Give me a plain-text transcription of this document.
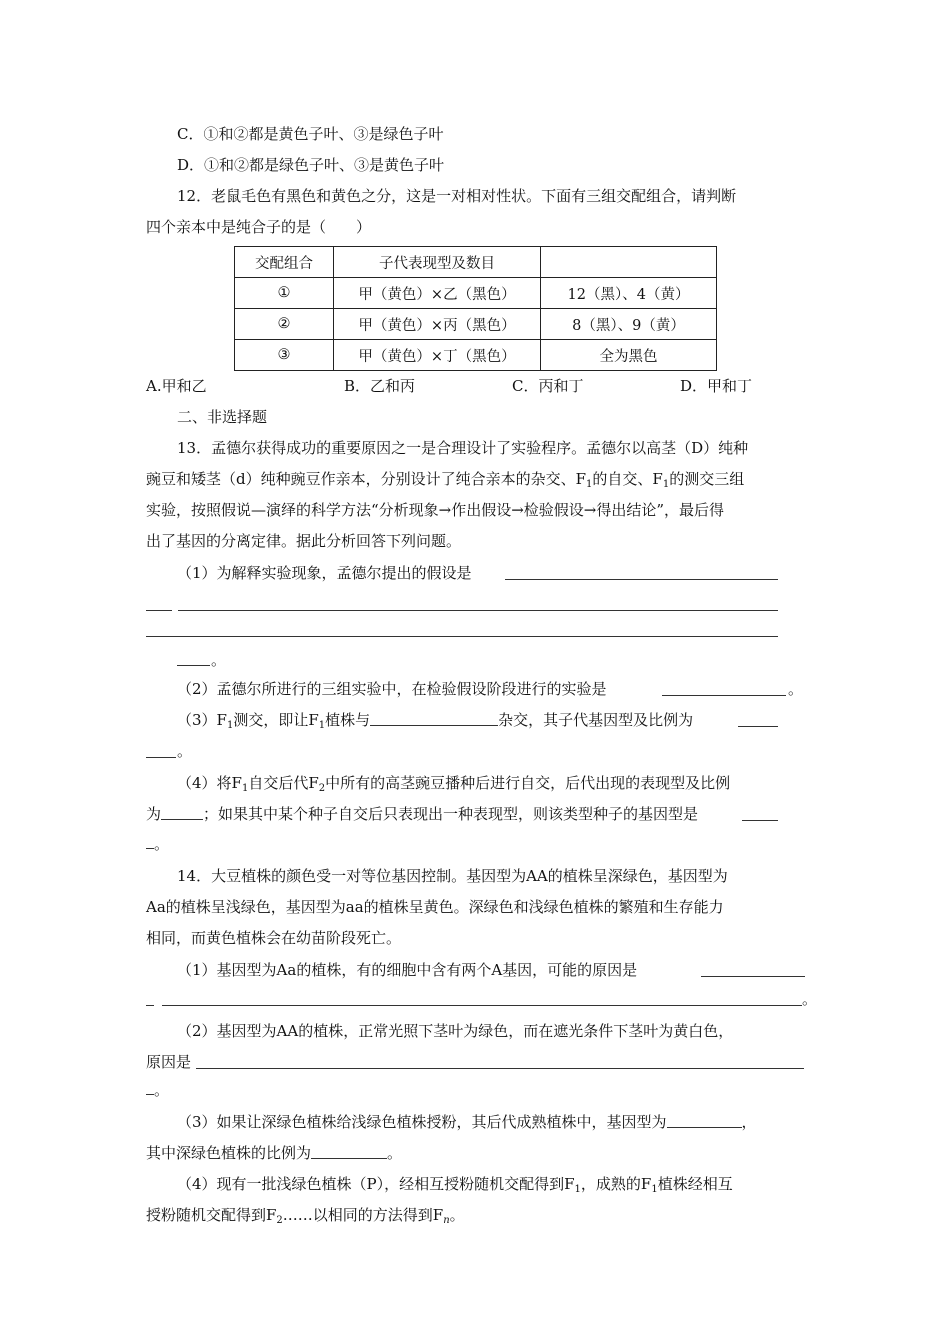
C．①和②都是黄色子叶、③是绿色子叶

D．①和②都是绿色子叶、③是黄色子叶

12．老鼠毛色有黑色和黄色之分，这是一对相对性状。下面有三组交配组合，请判断

四个亲本中是纯合子的是（　　）

交配组合	子代表现型及数目	
①	甲（黄色）×乙（黑色）	12（黑）、4（黄）
②	甲（黄色）×丙（黑色）	8（黑）、9（黄）
③	甲（黄色）×丁（黑色）	全为黑色
A.甲和乙	B．乙和丙	C．丙和丁	D．甲和丁

二、非选择题

13．孟德尔获得成功的重要原因之一是合理设计了实验程序。孟德尔以高茎（D）纯种

豌豆和矮茎（d）纯种豌豆作亲本，分别设计了纯合亲本的杂交、$F_1$的自交、$F_1$的测交三组

实验，按照假说—演绎的科学方法“分析现象→作出假设→检验假设→得出结论”，最后得

出了基因的分离定律。据此分析回答下列问题。

（1）为解释实验现象，孟德尔提出的假设是

。

（2）孟德尔所进行的三组实验中，在检验假设阶段进行的实验是	。

$(3)F_1$测交，即让$F_1$植株与	杂交，其子代基因型及比例为

。

（4）将$F_1$自交后代$F_2$中所有的高茎豌豆播种后进行自交，后代出现的表现型及比例

为	；如果其中某个种子自交后只表现出一种表现型，则该类型种子的基因型是

。

14．大豆植株的颜色受一对等位基因控制。基因型为AA的植株呈深绿色，基因型为

Aa的植株呈浅绿色，基因型为aa的植株呈黄色。深绿色和浅绿色植株的繁殖和生存能力

相同，而黄色植株会在幼苗阶段死亡。

（1）基因型为Aa的植株，有的细胞中含有两个A基因，可能的原因是

。

（2）基因型为AA的植株，正常光照下茎叶为绿色，而在遮光条件下茎叶为黄白色，

原因是

。

（3）如果让深绿色植株给浅绿色植株授粉，其后代成熟植株中，基因型为	，

其中深绿色植株的比例为	。

（4）现有一批浅绿色植株（P），经相互授粉随机交配得到$F_1$，成熟的$F_1$植株经相互

授粉随机交配得到$F_2\dots\dots$以相同的方法得到$F_n$。
